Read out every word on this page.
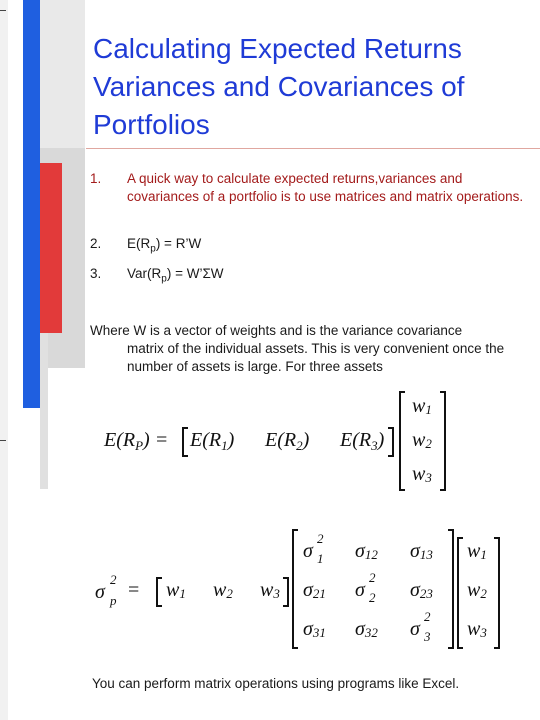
Calculating Expected Returns Variances and Covariances of Portfolios
1. A quick way to calculate expected returns,variances and covariances of a portfolio is to use matrices and matrix operations.
2. $E(R_p)$ = R’W
3. $Var(R_p)$ = W’ΣW
Where W is a vector of weights and is the variance covariance
matrix of the individual assets. This is very convenient once the number of assets is large. For three assets
$E(R_P) = E(R_1)$ $E(R_2)$ $E(R_3)$
w1
w2
w3
σ
2
p = w1 w2 w3
σ
2
1 σ12 σ13
σ21 σ
2
2 σ23
σ31 σ32 σ
2
3
w1
w2
w3
You can perform matrix operations using programs like Excel.
